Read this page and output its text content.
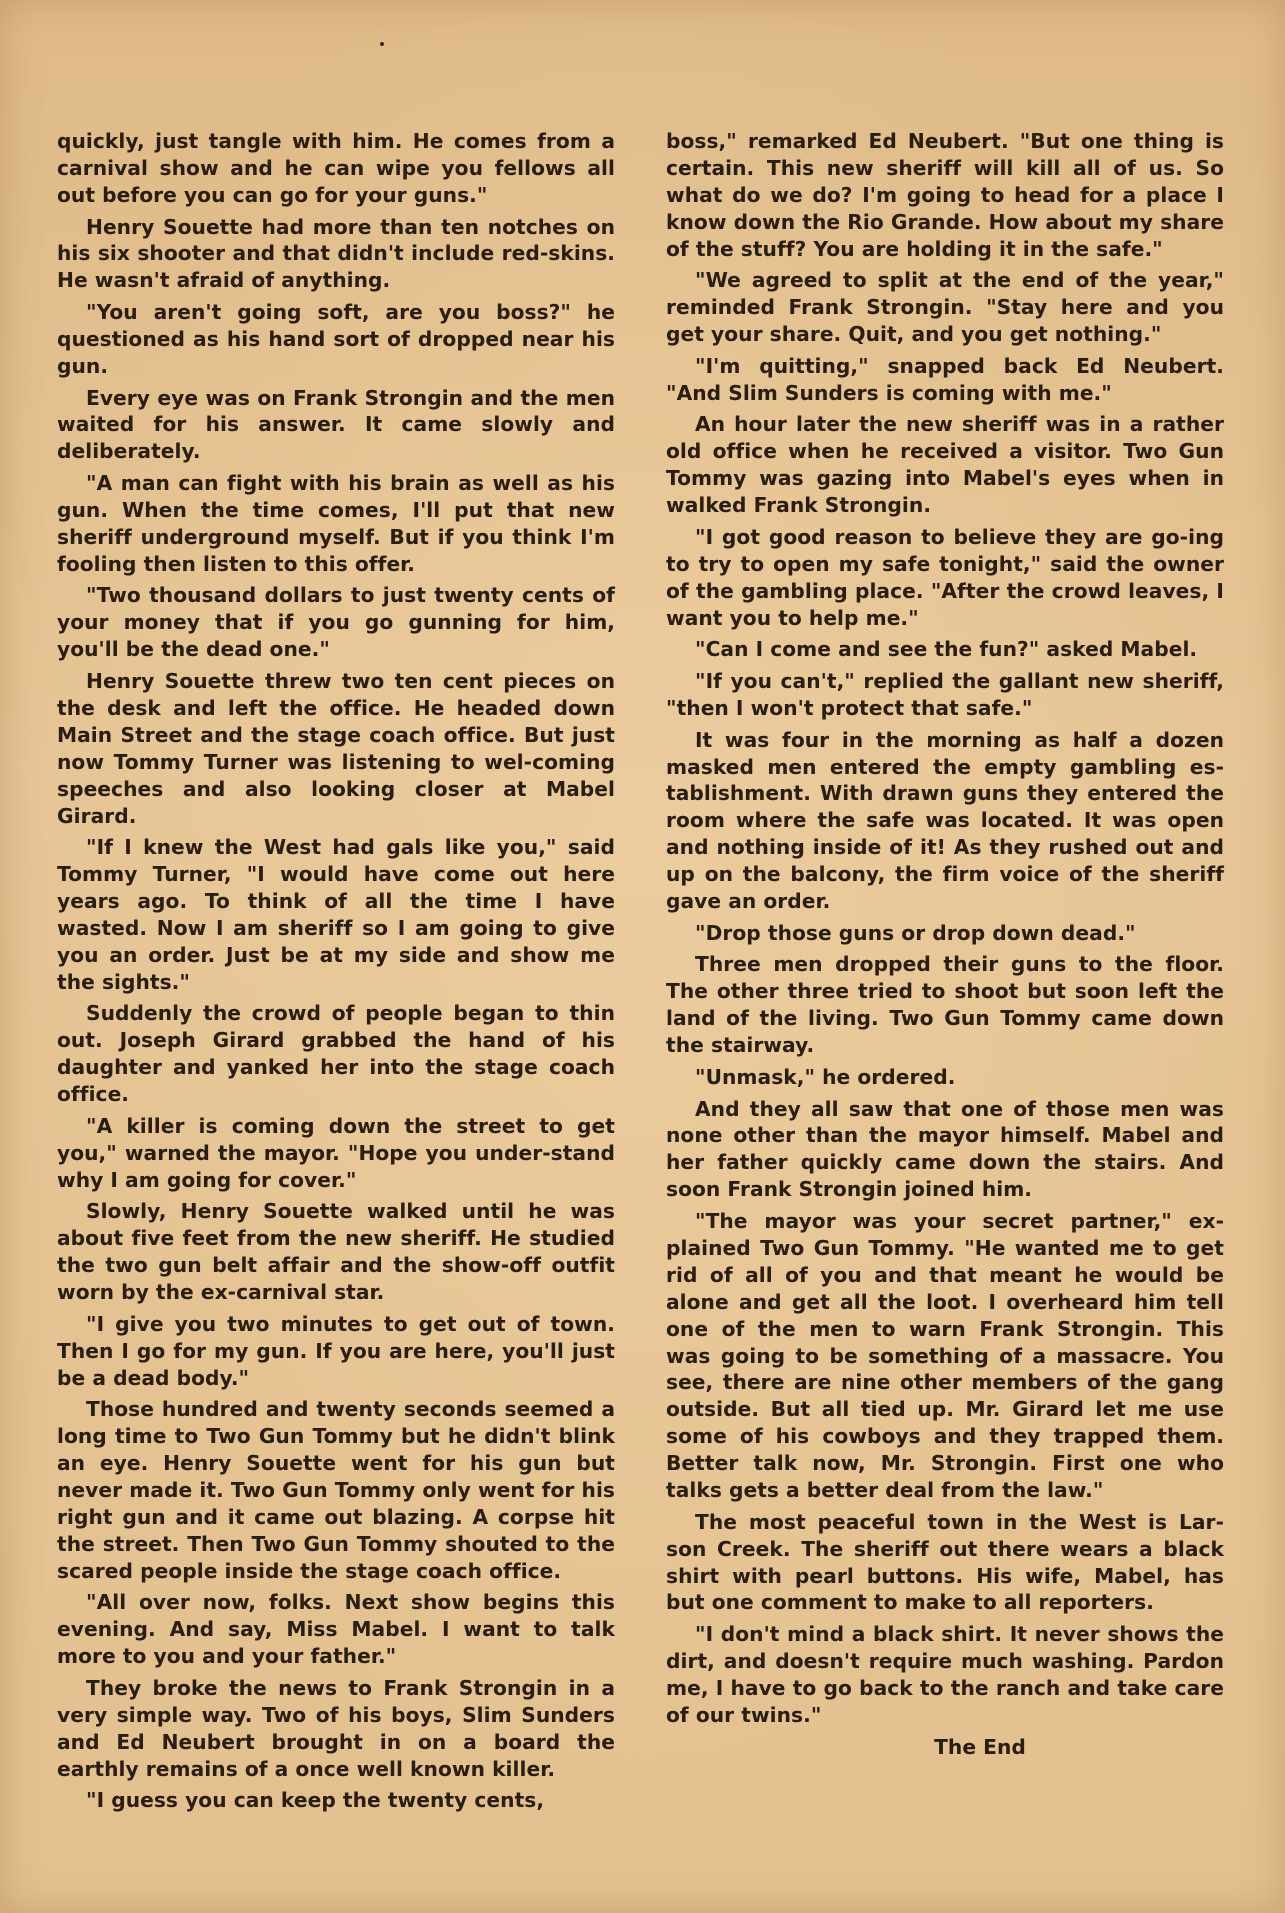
quickly, just tangle with him. He comes from a carnival show and he can wipe you fellows all out before you can go for your guns."

Henry Souette had more than ten notches on his six shooter and that didn't include red-skins. He wasn't afraid of anything.

"You aren't going soft, are you boss?" he questioned as his hand sort of dropped near his gun.

Every eye was on Frank Strongin and the men waited for his answer. It came slowly and deliberately.

"A man can fight with his brain as well as his gun. When the time comes, I'll put that new sheriff underground myself. But if you think I'm fooling then listen to this offer.

"Two thousand dollars to just twenty cents of your money that if you go gunning for him, you'll be the dead one."

Henry Souette threw two ten cent pieces on the desk and left the office. He headed down Main Street and the stage coach office. But just now Tommy Turner was listening to wel-coming speeches and also looking closer at Mabel Girard.

"If I knew the West had gals like you," said Tommy Turner, "I would have come out here years ago. To think of all the time I have wasted. Now I am sheriff so I am going to give you an order. Just be at my side and show me the sights."

Suddenly the crowd of people began to thin out. Joseph Girard grabbed the hand of his daughter and yanked her into the stage coach office.

"A killer is coming down the street to get you," warned the mayor. "Hope you under-stand why I am going for cover."

Slowly, Henry Souette walked until he was about five feet from the new sheriff. He studied the two gun belt affair and the show-off outfit worn by the ex-carnival star.

"I give you two minutes to get out of town. Then I go for my gun. If you are here, you'll just be a dead body."

Those hundred and twenty seconds seemed a long time to Two Gun Tommy but he didn't blink an eye. Henry Souette went for his gun but never made it. Two Gun Tommy only went for his right gun and it came out blazing. A corpse hit the street. Then Two Gun Tommy shouted to the scared people inside the stage coach office.

"All over now, folks. Next show begins this evening. And say, Miss Mabel. I want to talk more to you and your father."

They broke the news to Frank Strongin in a very simple way. Two of his boys, Slim Sunders and Ed Neubert brought in on a board the earthly remains of a once well known killer.

"I guess you can keep the twenty cents,

boss," remarked Ed Neubert. "But one thing is certain. This new sheriff will kill all of us. So what do we do? I'm going to head for a place I know down the Rio Grande. How about my share of the stuff? You are holding it in the safe."

"We agreed to split at the end of the year," reminded Frank Strongin. "Stay here and you get your share. Quit, and you get nothing."

"I'm quitting," snapped back Ed Neubert. "And Slim Sunders is coming with me."

An hour later the new sheriff was in a rather old office when he received a visitor. Two Gun Tommy was gazing into Mabel's eyes when in walked Frank Strongin.

"I got good reason to believe they are go-ing to try to open my safe tonight," said the owner of the gambling place. "After the crowd leaves, I want you to help me."

"Can I come and see the fun?" asked Mabel.

"If you can't," replied the gallant new sheriff, "then I won't protect that safe."

It was four in the morning as half a dozen masked men entered the empty gambling es-tablishment. With drawn guns they entered the room where the safe was located. It was open and nothing inside of it! As they rushed out and up on the balcony, the firm voice of the sheriff gave an order.

"Drop those guns or drop down dead."

Three men dropped their guns to the floor. The other three tried to shoot but soon left the land of the living. Two Gun Tommy came down the stairway.

"Unmask," he ordered.

And they all saw that one of those men was none other than the mayor himself. Mabel and her father quickly came down the stairs. And soon Frank Strongin joined him.

"The mayor was your secret partner," ex-plained Two Gun Tommy. "He wanted me to get rid of all of you and that meant he would be alone and get all the loot. I overheard him tell one of the men to warn Frank Strongin. This was going to be something of a massacre. You see, there are nine other members of the gang outside. But all tied up. Mr. Girard let me use some of his cowboys and they trapped them. Better talk now, Mr. Strongin. First one who talks gets a better deal from the law."

The most peaceful town in the West is Lar-son Creek. The sheriff out there wears a black shirt with pearl buttons. His wife, Mabel, has but one comment to make to all reporters.

"I don't mind a black shirt. It never shows the dirt, and doesn't require much washing. Pardon me, I have to go back to the ranch and take care of our twins."

The End
